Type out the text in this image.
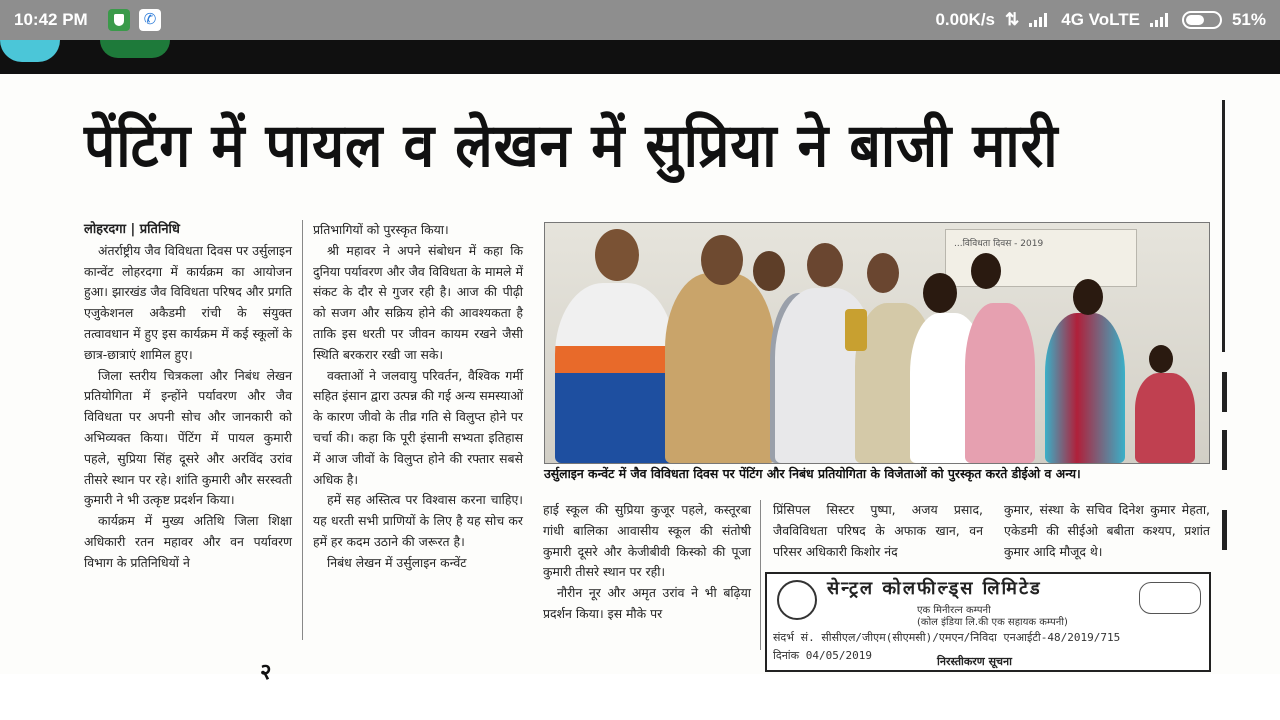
10:42 PM	✆	0.00K/s ⇅ 4G VoLTE	51%
पेंटिंग में पायल व लेखन में सुप्रिया ने बाजी मारी

लोहरदगा | प्रतिनिधि

अंतर्राष्ट्रीय जैव विविधता दिवस पर उर्सुलाइन कान्वेंट लोहरदगा में कार्यक्रम का आयोजन हुआ। झारखंड जैव विविधता परिषद और प्रगति एजुकेशनल अकैडमी रांची के संयुक्त तत्वावधान में हुए इस कार्यक्रम में कई स्कूलों के छात्र-छात्राएं शामिल हुए।

जिला स्तरीय चित्रकला और निबंध लेखन प्रतियोगिता में इन्होंने पर्यावरण और जैव विविधता पर अपनी सोच और जानकारी को अभिव्यक्त किया। पेंटिंग में पायल कुमारी पहले, सुप्रिया सिंह दूसरे और अरविंद उरांव तीसरे स्थान पर रहे। शांति कुमारी और सरस्वती कुमारी ने भी उत्कृष्ट प्रदर्शन किया।

कार्यक्रम में मुख्य अतिथि जिला शिक्षा अधिकारी रतन महावर और वन पर्यावरण विभाग के प्रतिनिधियों ने

प्रतिभागियों को पुरस्कृत किया।

श्री महावर ने अपने संबोधन में कहा कि दुनिया पर्यावरण और जैव विविधता के मामले में संकट के दौर से गुजर रही है। आज की पीढ़ी को सजग और सक्रिय होने की आवश्यकता है ताकि इस धरती पर जीवन कायम रखने जैसी स्थिति बरकरार रखी जा सके।

वक्ताओं ने जलवायु परिवर्तन, वैश्विक गर्मी सहित इंसान द्वारा उत्पन्न की गई अन्य समस्याओं के कारण जीवो के तीव्र गति से विलुप्त होने पर चर्चा की। कहा कि पूरी इंसानी सभ्यता इतिहास में आज जीवों के विलुप्त होने की रफ्तार सबसे अधिक है।

हमें सह अस्तित्व पर विश्वास करना चाहिए। यह धरती सभी प्राणियों के लिए है यह सोच कर हमें हर कदम उठाने की जरूरत है।

निबंध लेखन में उर्सुलाइन कन्वेंट

...विविधता दिवस - 2019
उर्सुलाइन कन्वेंट में जैव विविधता दिवस पर पेंटिंग और निबंध प्रतियोगिता के विजेताओं को पुरस्कृत करते डीईओ व अन्य।

हाई स्कूल की सुप्रिया कुजूर पहले, कस्तूरबा गांधी बालिका आवासीय स्कूल की संतोषी कुमारी दूसरे और केजीबीवी किस्को की पूजा कुमारी तीसरे स्थान पर रही।

नौरीन नूर और अमृत उरांव ने भी बढ़िया प्रदर्शन किया। इस मौके पर

प्रिंसिपल सिस्टर पुष्पा, अजय प्रसाद, जैवविविधता परिषद के अफाक खान, वन परिसर अधिकारी किशोर नंद

कुमार, संस्था के सचिव दिनेश कुमार मेहता, एकेडमी की सीईओ बबीता कश्यप, प्रशांत कुमार आदि मौजूद थे।

सेन्ट्रल कोलफील्ड्स लिमिटेड
एक मिनीरत्न कम्पनी
(कोल इंडिया लि.की एक सहायक कम्पनी)
संदर्भ सं. सीसीएल/जीएम(सीएमसी)/एमएन/निविदा एनआईटी-48/2019/715
दिनांक 04/05/2019	निरस्तीकरण सूचना
२
